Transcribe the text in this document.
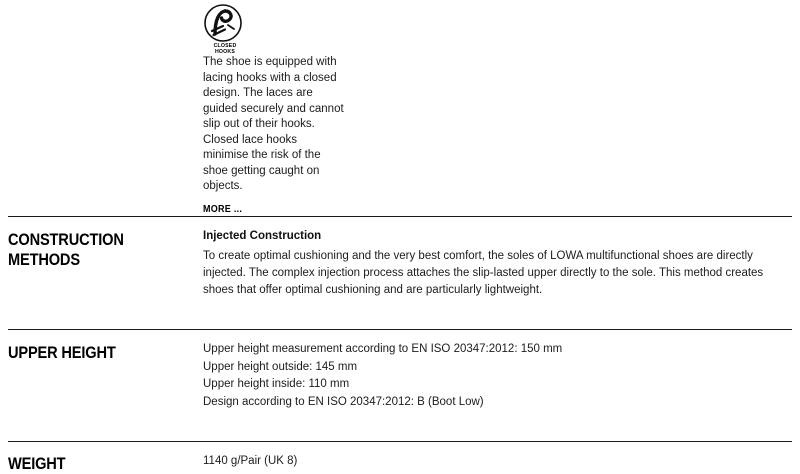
CLOSED
HOOKS
The shoe is equipped with lacing hooks with a closed design. The laces are guided securely and cannot slip out of their hooks. Closed lace hooks minimise the risk of the shoe getting caught on objects.
MORE ...
CONSTRUCTION METHODS
Injected Construction
To create optimal cushioning and the very best comfort, the soles of LOWA multifunctional shoes are directly injected. The complex injection process attaches the slip-lasted upper directly to the sole. This method creates shoes that offer optimal cushioning and are particularly lightweight.
UPPER HEIGHT	Upper height measurement according to EN ISO 20347:2012: 150 mm
Upper height outside: 145 mm
Upper height inside: 110 mm
Design according to EN ISO 20347:2012: B (Boot Low)
WEIGHT	1140 g/Pair (UK 8)
